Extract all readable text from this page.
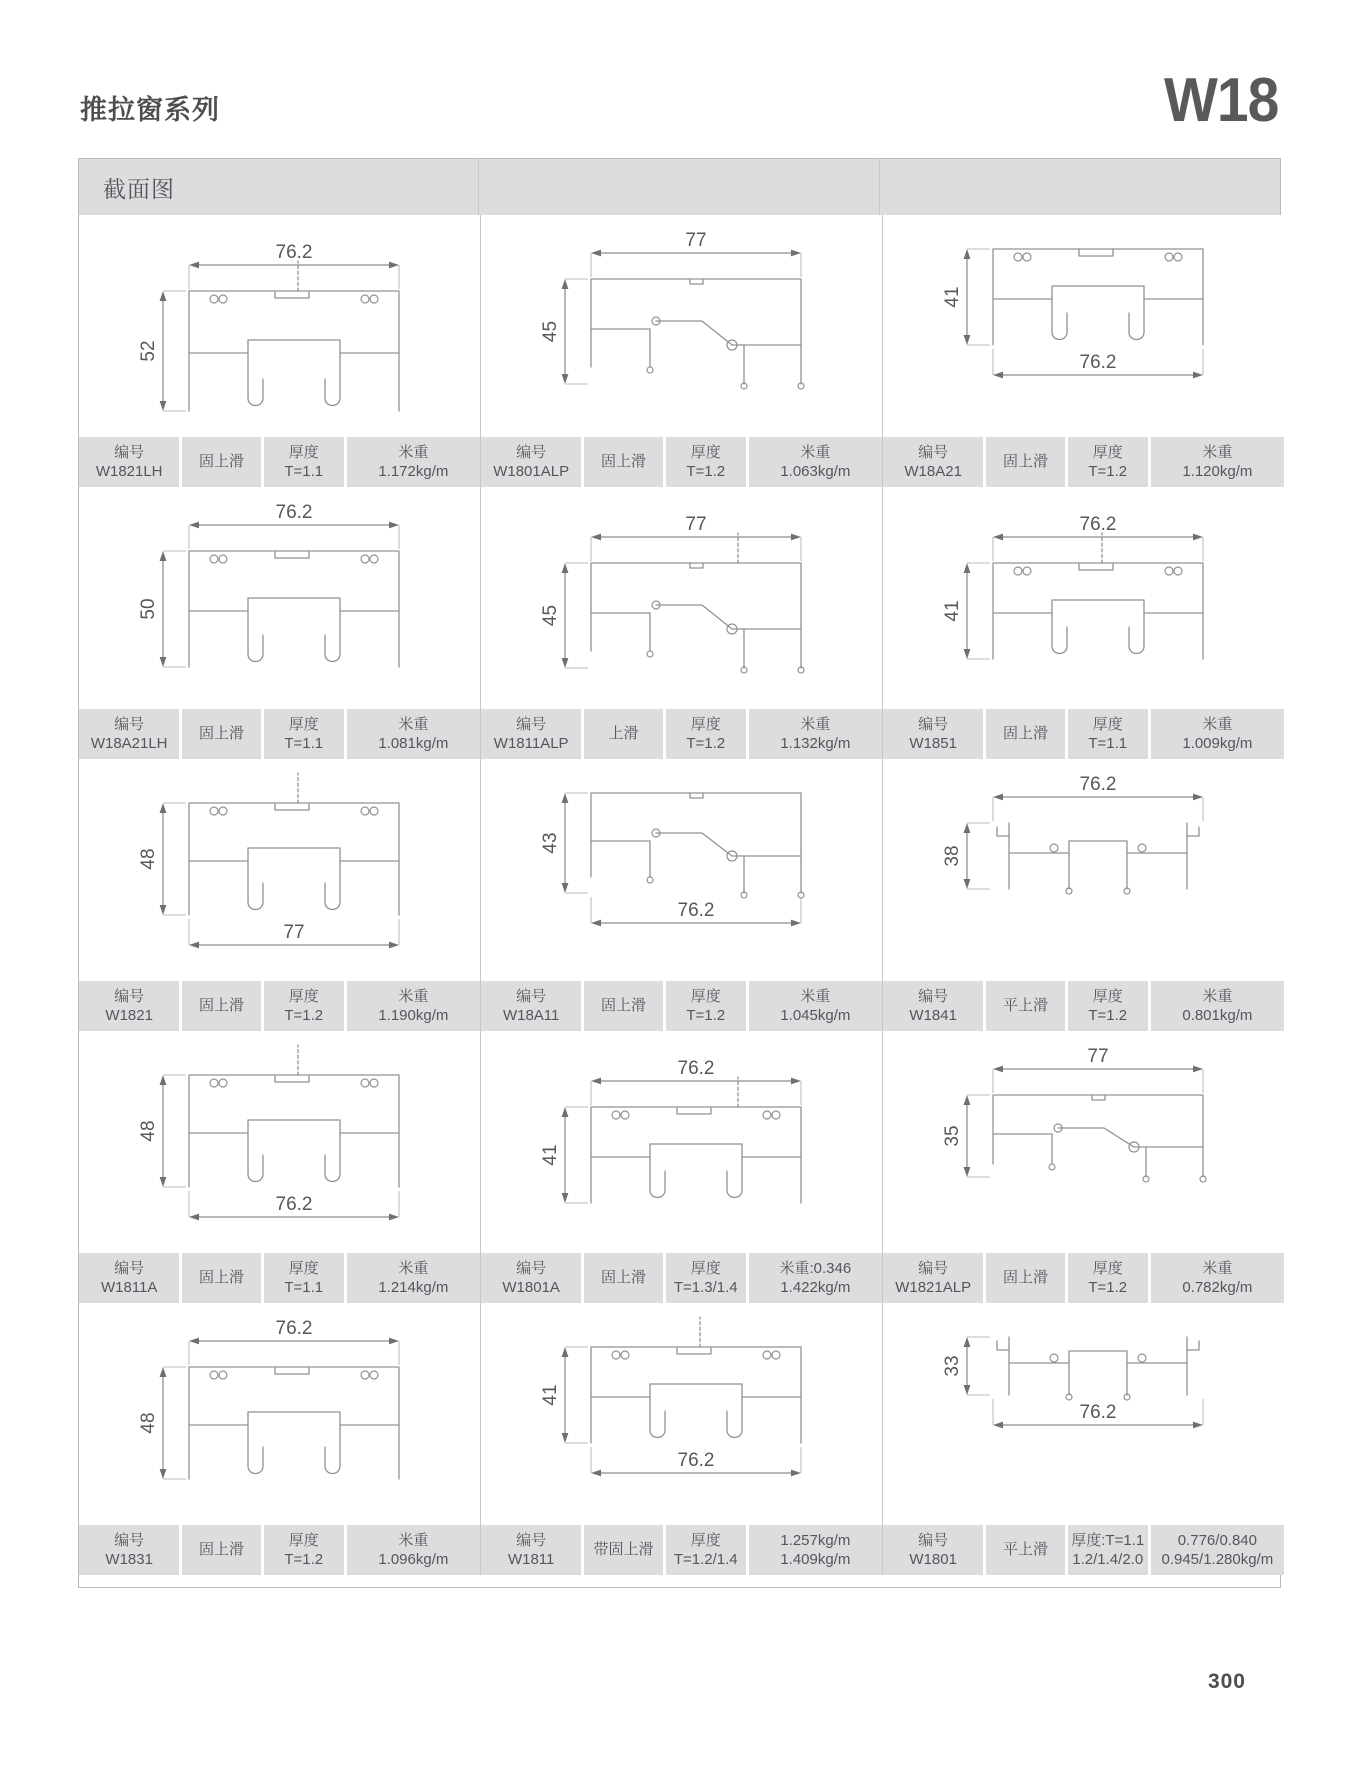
推拉窗系列	W18
截面图
76.2
52
编号
W1821LH
固上滑
厚度
T=1.1
米重
1.172kg/m
77
45
编号
W1801ALP
固上滑
厚度
T=1.2
米重
1.063kg/m
76.2
41
编号
W18A21
固上滑
厚度
T=1.2
米重
1.120kg/m
76.2
50
编号
W18A21LH
固上滑
厚度
T=1.1
米重
1.081kg/m
77
45
编号
W1811ALP
上滑
厚度
T=1.2
米重
1.132kg/m
76.2
41
编号
W1851
固上滑
厚度
T=1.1
米重
1.009kg/m
77
48
编号
W1821
固上滑
厚度
T=1.2
米重
1.190kg/m
76.2
43
编号
W18A11
固上滑
厚度
T=1.2
米重
1.045kg/m
76.2
38
编号
W1841
平上滑
厚度
T=1.2
米重
0.801kg/m
76.2
48
编号
W1811A
固上滑
厚度
T=1.1
米重
1.214kg/m
76.2
41
编号
W1801A
固上滑
厚度
T=1.3/1.4
米重:0.346
1.422kg/m
77
35
编号
W1821ALP
固上滑
厚度
T=1.2
米重
0.782kg/m
76.2
48
编号
W1831
固上滑
厚度
T=1.2
米重
1.096kg/m
76.2
41
编号
W1811
带固上滑
厚度
T=1.2/1.4
1.257kg/m
1.409kg/m
76.2
33
编号
W1801
平上滑
厚度:T=1.1
1.2/1.4/2.0
0.776/0.840
0.945/1.280kg/m
300
